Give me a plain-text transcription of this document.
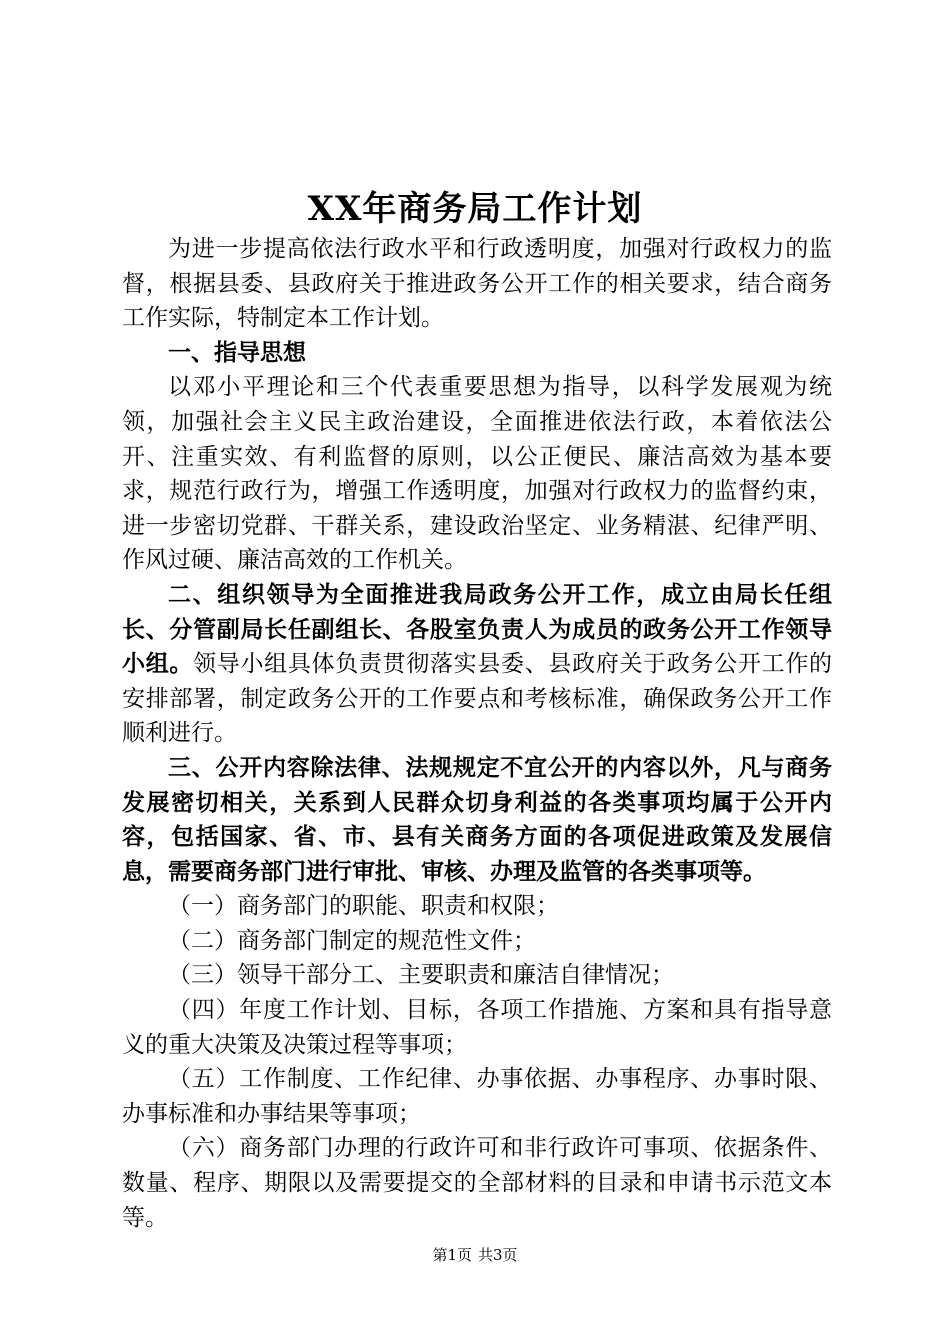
XX年商务局工作计划

为进一步提高依法行政水平和行政透明度，加强对行政权力的监督，根据县委、县政府关于推进政务公开工作的相关要求，结合商务工作实际，特制定本工作计划。

一、指导思想

以邓小平理论和三个代表重要思想为指导，以科学发展观为统领，加强社会主义民主政治建设，全面推进依法行政，本着依法公开、注重实效、有利监督的原则，以公正便民、廉洁高效为基本要求，规范行政行为，增强工作透明度，加强对行政权力的监督约束，进一步密切党群、干群关系，建设政治坚定、业务精湛、纪律严明、作风过硬、廉洁高效的工作机关。

二、组织领导为全面推进我局政务公开工作，成立由局长任组长、分管副局长任副组长、各股室负责人为成员的政务公开工作领导小组。领导小组具体负责贯彻落实县委、县政府关于政务公开工作的安排部署，制定政务公开的工作要点和考核标准，确保政务公开工作顺利进行。

三、公开内容除法律、法规规定不宜公开的内容以外，凡与商务发展密切相关，关系到人民群众切身利益的各类事项均属于公开内容，包括国家、省、市、县有关商务方面的各项促进政策及发展信息，需要商务部门进行审批、审核、办理及监管的各类事项等。

（一）商务部门的职能、职责和权限；

（二）商务部门制定的规范性文件；

（三）领导干部分工、主要职责和廉洁自律情况；

（四）年度工作计划、目标，各项工作措施、方案和具有指导意义的重大决策及决策过程等事项；

（五）工作制度、工作纪律、办事依据、办事程序、办事时限、办事标准和办事结果等事项；

（六）商务部门办理的行政许可和非行政许可事项、依据条件、数量、程序、期限以及需要提交的全部材料的目录和申请书示范文本等。

第1页 共3页
